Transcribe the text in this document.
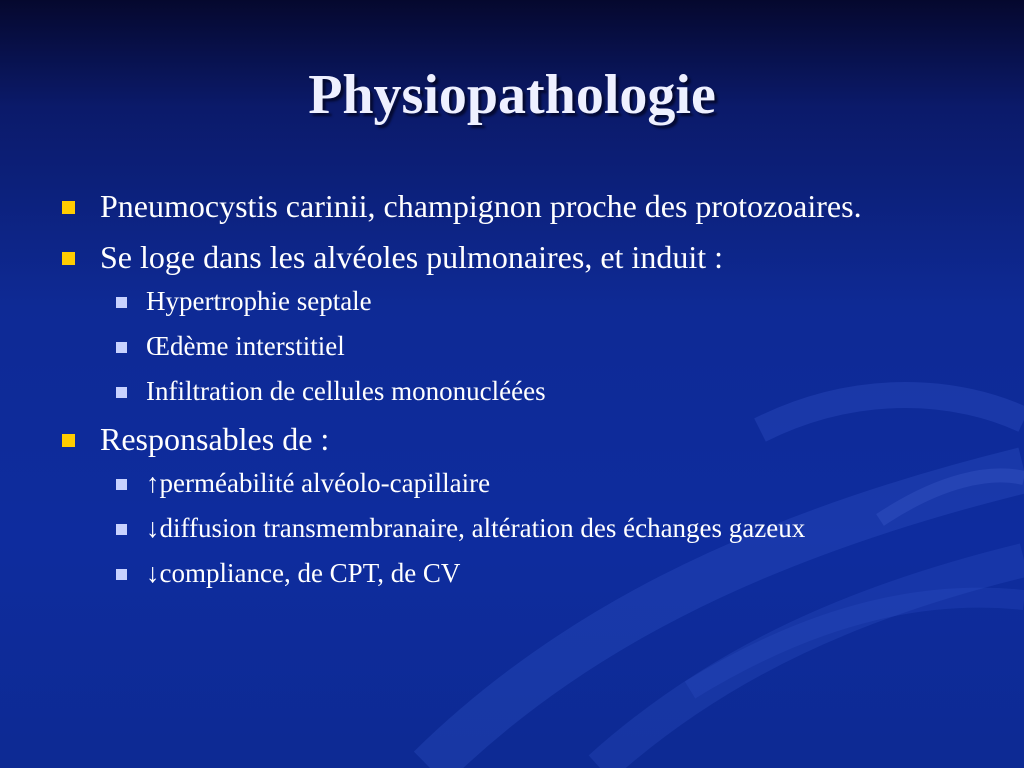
Physiopathologie
Pneumocystis carinii, champignon proche des protozoaires.
Se loge dans les alvéoles pulmonaires, et induit :
Hypertrophie septale
Œdème interstitiel
Infiltration de cellules mononucléées
Responsables de :
↑perméabilité alvéolo-capillaire
↓diffusion transmembranaire, altération des échanges gazeux
↓compliance, de CPT, de CV
